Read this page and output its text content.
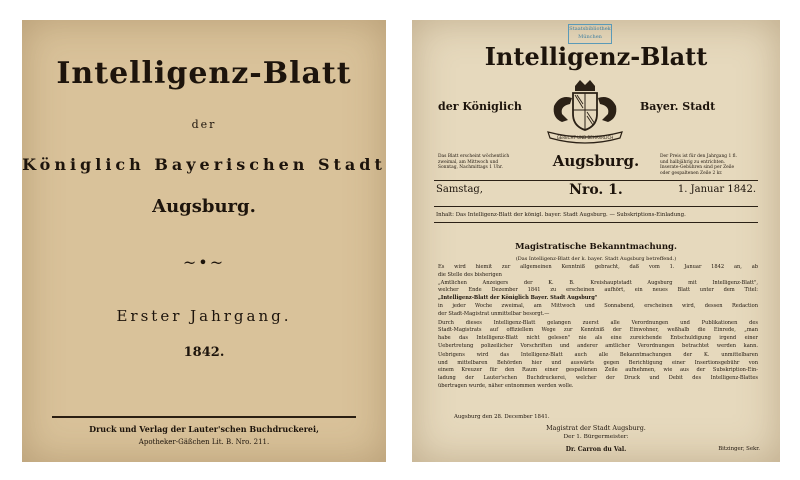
Intelligenz-Blatt
der
Königlich Bayerischen Stadt
Augsburg.
~•~
Erster Jahrgang.
1842.
Druck und Verlag der Lauter'schen Buchdruckerei,
Apotheker-Gäßchen Lit. B. Nro. 211.
Staatsbibliothek München
Intelligenz-Blatt
der Königlich	Bayer. Stadt
GERECHT UND BEHARRLICH
Das Blatt erscheint wöchentlich zweimal, am Mittwoch und Sonntag, Nachmittags 1 Uhr.
Der Preis ist für den Jahrgang 1 fl. und halbjährig zu entrichten. Inserate-Gebühren sind per Zeile oder gespaltenen Zeile 2 kr.
Augsburg.
Samstag,	Nro. 1.	1. Januar 1842.
Inhalt: Das Intelligenz-Blatt der königl. bayer. Stadt Augsburg. — Subskriptions-Einladung.
Magistratische Bekanntmachung.
(Das Intelligenz-Blatt der k. bayer. Stadt Augsburg betreffend.)
Es wird hiemit zur allgemeinen Kenntniß gebracht, daß vom 1. Januar 1842 an, ab
die Stelle des bisherigen
„Amtlichen Anzeigers der K. B. Kreishauptstadt Augsburg mit Intelligenz-Blatt",
welcher Ende Dezember 1841 zu erscheinen aufhört, ein neues Blatt unter dem Titel:
„Intelligenz-Blatt der Königlich Bayer. Stadt Augsburg"
in jeder Woche zweimal, am Mittwoch und Sonnabend, erscheinen wird, dessen Redaction
der Stadt-Magistrat unmittelbar besorgt.—
Durch dieses Intelligenz-Blatt gelangen zuerst alle Verordnungen und Publikationen des
Stadt-Magistrats auf offiziellem Wege zur Kenntniß der Einwohner, weßhalb die Einrede, „man
habe das Intelligenz-Blatt nicht gelesen" nie als eine zureichende Entschuldigung irgend einer
Uebertretung polizeilicher Vorschriften und anderer amtlicher Verordnungen betrachtet werden kann.
Uebrigens wird das Intelligenz-Blatt auch alle Bekanntmachungen der K. unmittelbaren
und mittelbaren Behörden hier und auswärts gegen Berichtigung einer Insertionsgebühr von
einem Kreuzer für den Raum einer gespaltenen Zeile aufnehmen, wie aus der Subskription-Ein-
ladung der Lauter'schen Buchdruckerei, welcher der Druck und Debit des Intelligenz-Blattes
übertragen wurde, näher entnommen werden wolle.
Augsburg den 28. December 1841.
Magistrat der Stadt Augsburg.
Der 1. Bürgermeister:
Dr. Carron du Val.	Bitzinger, Sekr.
